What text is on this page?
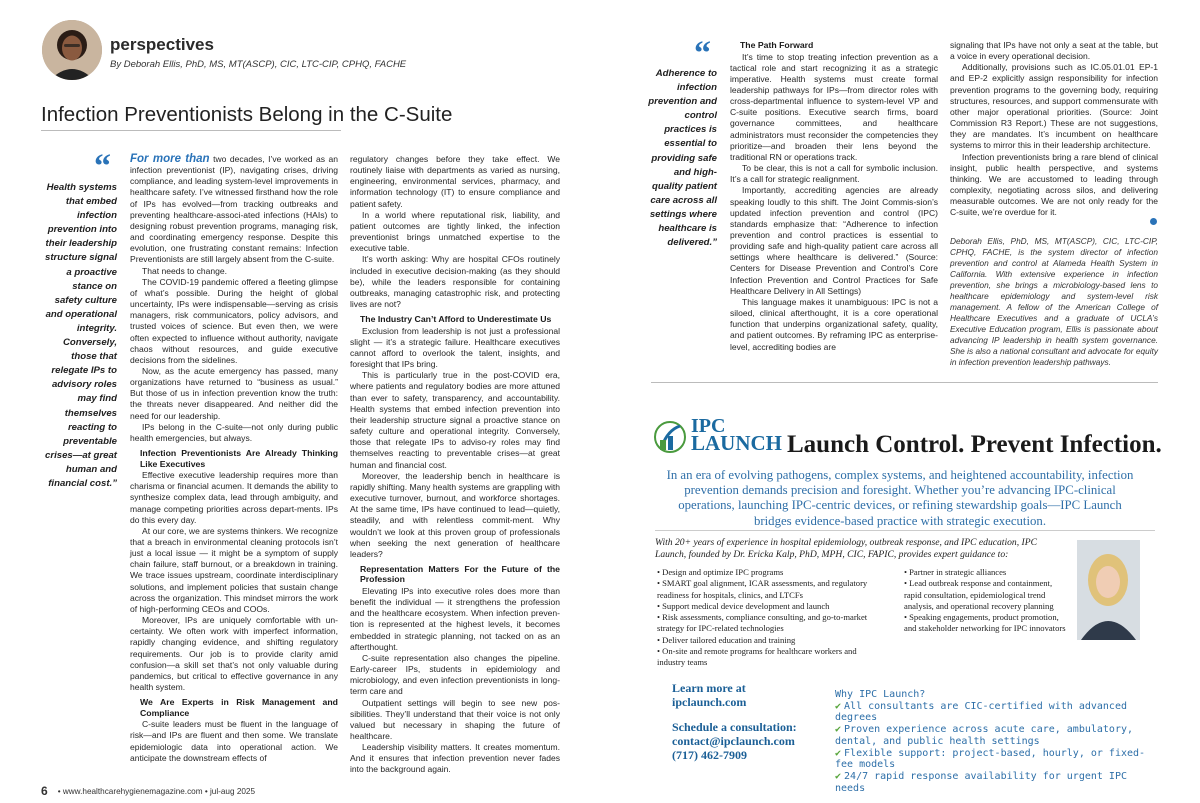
perspectives
By Deborah Ellis, PhD, MS, MT(ASCP), CIC, LTC-CIP, CPHQ, FACHE
Infection Preventionists Belong in the C-Suite
“
Health systems that embed infection prevention into their leadership structure signal a proactive stance on safety culture and operational integrity. Conversely, those that relegate IPs to advisory roles may find themselves reacting to preventable crises—at great human and financial cost.”

For more than two decades, I’ve worked as an infection preventionist (IP), navigating crises, driving compliance, and leading system-level improvements in healthcare safety. I’ve witnessed firsthand how the role of IPs has evolved—from tracking outbreaks and preventing healthcare-associ-ated infections (HAIs) to designing robust prevention programs, managing risk, and coordinating emergency response. Despite this evolution, one frustrating constant remains: Infection Preventionists are still largely absent from the C-suite.

That needs to change.

The COVID-19 pandemic offered a fleeting glimpse of what’s possible. During the height of global uncertainty, IPs were indispensable—serving as crisis managers, risk communicators, policy advisors, and trusted voices of science. But even then, we were often expected to influence without authority, navigate chaos without resources, and guide executive decisions from the sidelines.

Now, as the acute emergency has passed, many organizations have returned to “business as usual.” But those of us in infection prevention know the truth: the threats never disappeared. And neither did the need for our leadership.

IPs belong in the C-suite—not only during public health emergencies, but always.

Infection Preventionists Are Already Thinking Like Executives

Effective executive leadership requires more than charisma or financial acumen. It demands the ability to synthesize complex data, lead through ambiguity, and manage competing priorities across depart-ments. IPs do this every day.

At our core, we are systems thinkers. We recognize that a breach in environmental cleaning protocols isn’t just a local issue — it might be a symptom of supply chain failure, staff burnout, or a breakdown in training. We trace issues upstream, coordinate interdisciplinary solutions, and implement policies that sustain change across the organization. This mindset mirrors the work of high-performing CEOs and COOs.

Moreover, IPs are uniquely comfortable with un-certainty. We often work with imperfect information, rapidly changing evidence, and shifting regulatory requirements. Our job is to provide clarity amid confusion—a skill set that’s not only valuable during pandemics, but critical to effective governance in any health system.

We Are Experts in Risk Management and Compliance

C-suite leaders must be fluent in the language of risk—and IPs are fluent and then some. We translate epidemiologic data into operational action. We anticipate the downstream effects of

regulatory changes before they take effect. We routinely liaise with departments as varied as nursing, engineering, environmental services, pharmacy, and information technology (IT) to ensure compliance and patient safety.

In a world where reputational risk, liability, and patient outcomes are tightly linked, the infection preventionist brings unmatched expertise to the executive table.

It’s worth asking: Why are hospital CFOs routinely included in executive decision-making (as they should be), while the leaders responsible for containing outbreaks, managing catastrophic risk, and protecting lives are not?

The Industry Can’t Afford to Underestimate Us

Exclusion from leadership is not just a professional slight — it’s a strategic failure. Healthcare executives cannot afford to overlook the talent, insights, and foresight that IPs bring.

This is particularly true in the post-COVID era, where patients and regulatory bodies are more attuned than ever to safety, transparency, and accountability. Health systems that embed infection prevention into their leadership structure signal a proactive stance on safety culture and operational integrity. Conversely, those that relegate IPs to adviso-ry roles may find themselves reacting to preventable crises—at great human and financial cost.

Moreover, the leadership bench in healthcare is rapidly shifting. Many health systems are grappling with executive turnover, burnout, and workforce shortages. At the same time, IPs have continued to lead—quietly, steadily, and with relentless commit-ment. Why wouldn’t we look at this proven group of professionals when seeking the next generation of healthcare leaders?

Representation Matters For the Future of the Profession

Elevating IPs into executive roles does more than benefit the individual — it strengthens the profession and the healthcare ecosystem. When infection preven-tion is represented at the highest levels, it becomes embedded in strategic planning, not tacked on as an afterthought.

C-suite representation also changes the pipeline. Early-career IPs, students in epidemiology and microbiology, and even infection preventionists in long-term care and

Outpatient settings will begin to see new pos-sibilities. They’ll understand that their voice is not only valued but necessary in shaping the future of healthcare.

Leadership visibility matters. It creates momentum. And it ensures that infection prevention never fades into the background again.

“
Adherence to infection prevention and control practices is essential to providing safe and high-quality patient care across all settings where healthcare is delivered.”
The Path Forward

It’s time to stop treating infection prevention as a tactical role and start recognizing it as a strategic imperative. Health systems must create formal leadership pathways for IPs—from director roles with cross-departmental influence to system-level VP and C-suite positions. Executive search firms, board governance committees, and healthcare administrators must reconsider the competencies they prioritize—and broaden their lens beyond the traditional RN or operations track.

To be clear, this is not a call for symbolic inclusion. It’s a call for strategic realignment.

Importantly, accrediting agencies are already speaking loudly to this shift. The Joint Commis-sion’s updated infection prevention and control (IPC) standards emphasize that: “Adherence to infection prevention and control practices is essential to providing safe and high-quality patient care across all settings where healthcare is delivered.” (Source: Centers for Disease Prevention and Control’s Core Infection Prevention and Control Practices for Safe Healthcare Delivery in All Settings)

This language makes it unambiguous: IPC is not a siloed, clinical afterthought, it is a core operational function that underpins organizational safety, quality, and patient outcomes. By reframing IPC as enterprise-level, accrediting bodies are

signaling that IPs have not only a seat at the table, but a voice in every operational decision.

Additionally, provisions such as IC.05.01.01 EP-1 and EP-2 explicitly assign responsibility for infection prevention programs to the governing body, requiring structures, resources, and support commensurate with other major operational priorities. (Source: Joint Commission R3 Report.) These are not suggestions, they are mandates. It’s incumbent on healthcare systems to mirror this in their leadership architecture.

Infection preventionists bring a rare blend of clinical insight, public health perspective, and systems thinking. We are accustomed to leading through complexity, negotiating across silos, and delivering measurable outcomes. We are not only ready for the C-suite, we’re overdue for it.

Deborah Ellis, PhD, MS, MT(ASCP), CIC, LTC-CIP, CPHQ, FACHE, is the system director of infection prevention and control at Alameda Health System in California. With extensive experience in infection prevention, she brings a microbiology-based lens to healthcare epidemiology and system-level risk management. A fellow of the American College of Healthcare Executives and a graduate of UCLA’s Executive Education program, Ellis is passionate about advancing IP leadership in health system governance. She is also a national consultant and advocate for equity in infection prevention leadership pathways.
IPC
LAUNCH Launch Control. Prevent Infection.
In an era of evolving pathogens, complex systems, and heightened accountability, infection prevention demands precision and foresight. Whether you’re advancing IPC-clinical operations, launching IPC-centric devices, or refining stewardship goals—IPC Launch bridges evidence-based practice with strategic execution.
With 20+ years of experience in hospital epidemiology, outbreak response, and IPC education, IPC Launch, founded by Dr. Ericka Kalp, PhD, MPH, CIC, FAPIC, provides expert guidance to:
• Design and optimize IPC programs
• SMART goal alignment, ICAR assessments, and regulatory readiness for hospitals, clinics, and LTCFs
• Support medical device development and launch
• Risk assessments, compliance consulting, and go-to-market strategy for IPC-related technologies
• Deliver tailored education and training
• On-site and remote programs for healthcare workers and industry teams
• Partner in strategic alliances
• Lead outbreak response and containment, rapid consultation, epidemiological trend analysis, and operational recovery planning
• Speaking engagements, product promotion, and stakeholder networking for IPC innovators
Learn more at
ipclaunch.com
Schedule a consultation:
contact@ipclaunch.com
(717) 462-7909
Why IPC Launch?
✔ All consultants are CIC-certified with advanced degrees
✔ Proven experience across acute care, ambulatory, dental, and public health settings
✔ Flexible support: project-based, hourly, or fixed-fee models
✔ 24/7 rapid response availability for urgent IPC needs
6 • www.healthcarehygienemagazine.com • jul-aug 2025
